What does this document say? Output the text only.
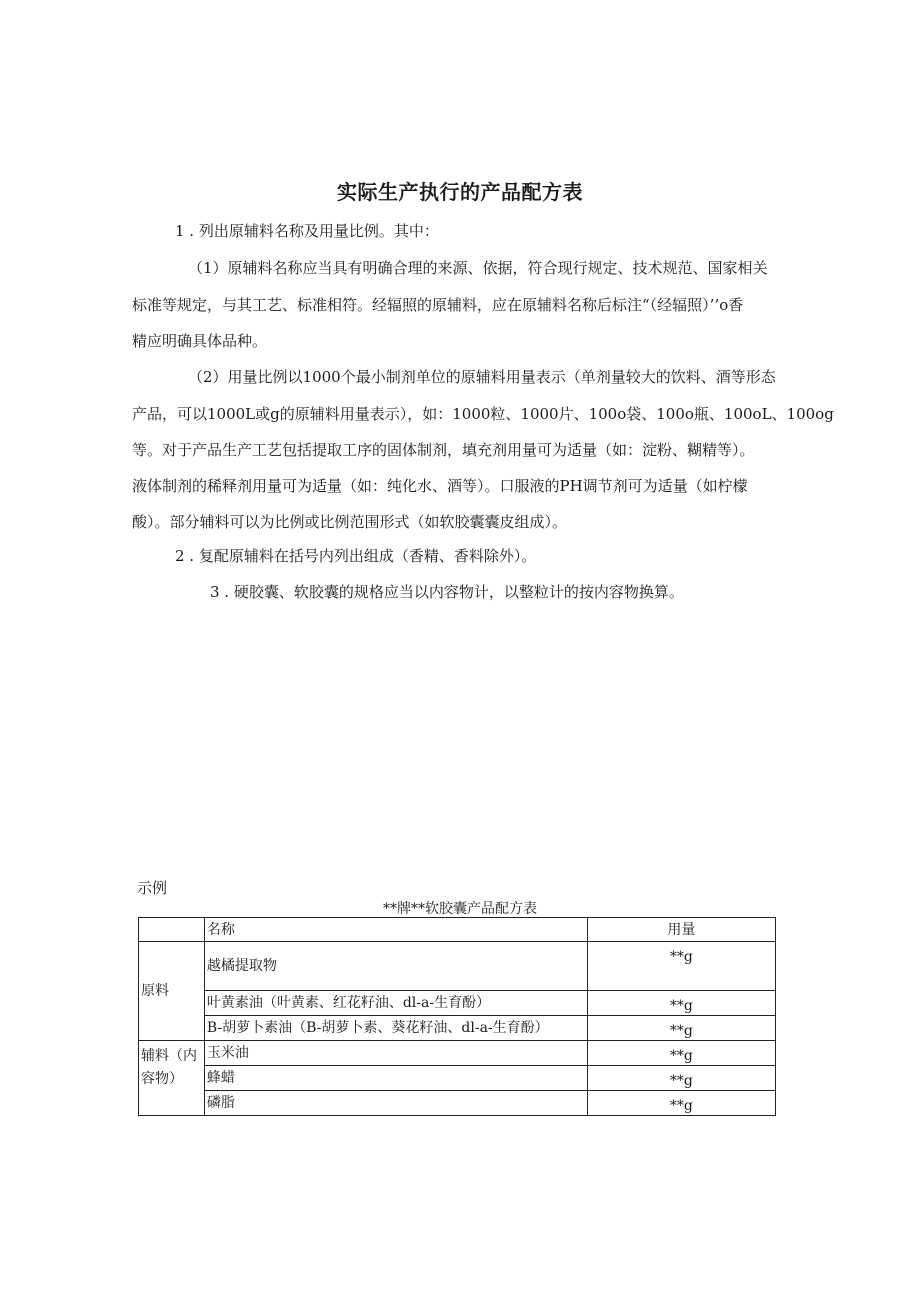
实际生产执行的产品配方表
1 . 列出原辅料名称及用量比例。其中：
（1）原辅料名称应当具有明确合理的来源、依据，符合现行规定、技术规范、国家相关
标准等规定，与其工艺、标准相符。经辐照的原辅料，应在原辅料名称后标注“（经辐照）’’o香
精应明确具体品种。
（2）用量比例以1000个最小制剂单位的原辅料用量表示（单剂量较大的饮料、酒等形态
产品，可以1000L或g的原辅料用量表示），如：1000粒、1000片、100o袋、100o瓶、100oL、100og
等。对于产品生产工艺包括提取工序的固体制剂，填充剂用量可为适量（如：淀粉、糊精等）。
液体制剂的稀释剂用量可为适量（如：纯化水、酒等）。口服液的PH调节剂可为适量（如柠檬
酸）。部分辅料可以为比例或比例范围形式（如软胶囊囊皮组成）。
2 . 复配原辅料在括号内列出组成（香精、香料除外）。
3 . 硬胶囊、软胶囊的规格应当以内容物计，以整粒计的按内容物换算。
示例
**牌**软胶囊产品配方表
	名称	用量
原料	越橘提取物	**g
	叶黄素油（叶黄素、红花籽油、dl-a-生育酚）	**g
	B-胡萝卜素油（B-胡萝卜素、葵花籽油、dl-a-生育酚）	**g
辅料（内容物）	玉米油	**g
	蜂蜡	**g
	磷脂	**g
